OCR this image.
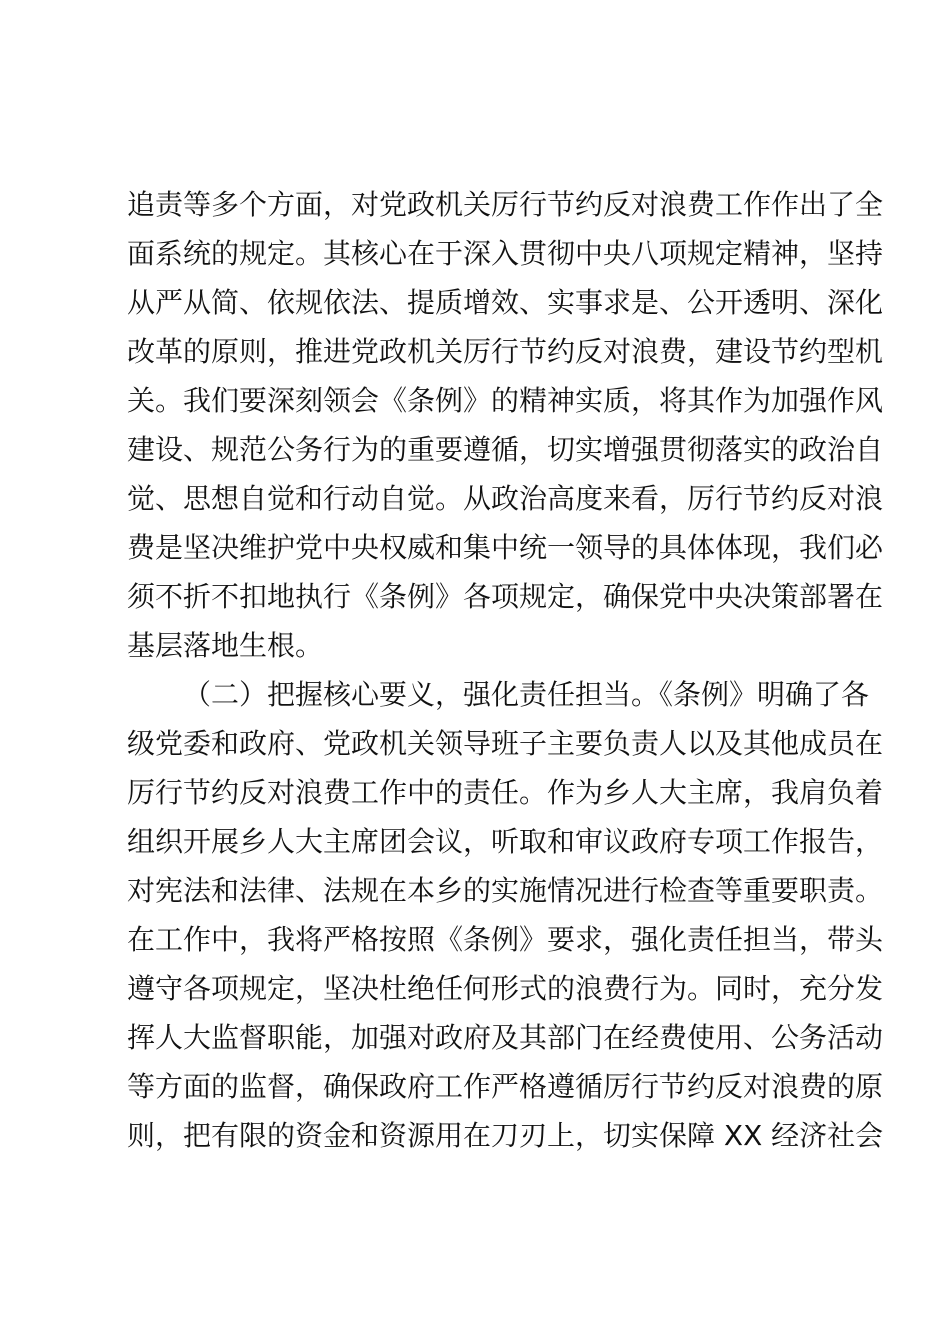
追责等多个方面，对党政机关厉行节约反对浪费工作作出了全
面系统的规定。其核心在于深入贯彻中央八项规定精神，坚持
从严从简、依规依法、提质增效、实事求是、公开透明、深化
改革的原则，推进党政机关厉行节约反对浪费，建设节约型机
关。我们要深刻领会《条例》的精神实质，将其作为加强作风
建设、规范公务行为的重要遵循，切实增强贯彻落实的政治自
觉、思想自觉和行动自觉。从政治高度来看，厉行节约反对浪
费是坚决维护党中央权威和集中统一领导的具体体现，我们必
须不折不扣地执行《条例》各项规定，确保党中央决策部署在
基层落地生根。
（二）把握核心要义，强化责任担当。《条例》明确了各
级党委和政府、党政机关领导班子主要负责人以及其他成员在
厉行节约反对浪费工作中的责任。作为乡人大主席，我肩负着
组织开展乡人大主席团会议，听取和审议政府专项工作报告，
对宪法和法律、法规在本乡的实施情况进行检查等重要职责。
在工作中，我将严格按照《条例》要求，强化责任担当，带头
遵守各项规定，坚决杜绝任何形式的浪费行为。同时，充分发
挥人大监督职能，加强对政府及其部门在经费使用、公务活动
等方面的监督，确保政府工作严格遵循厉行节约反对浪费的原
则，把有限的资金和资源用在刀刃上，切实保障 XX 经济社会
